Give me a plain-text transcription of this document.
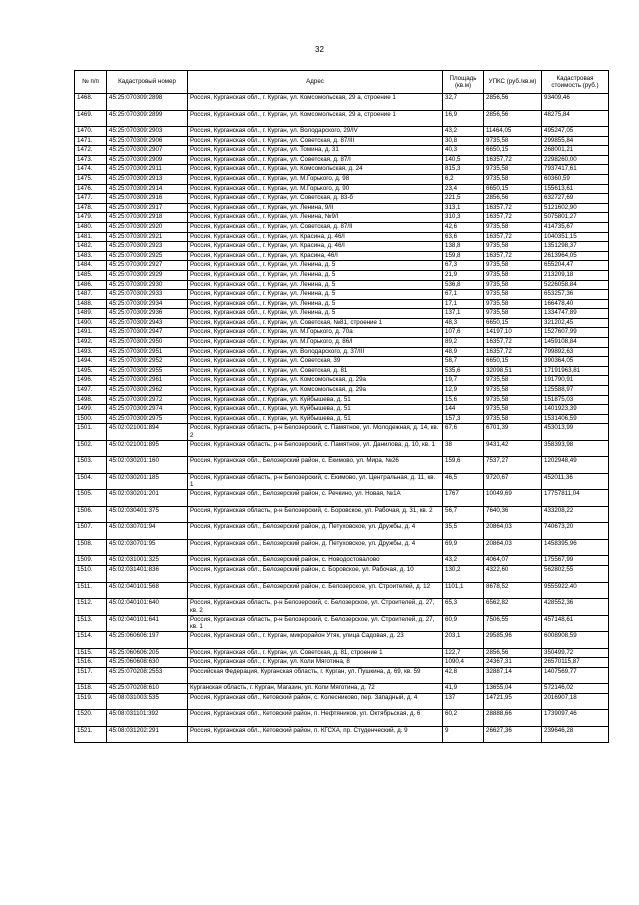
32
№ п/п	Кадастровый номер	Адрес	Площадь (кв.м)	УПКС (руб./кв.м)	Кадастровая стоимость (руб.)
1468.	45:25:070309:2898	Россия, Курганская обл., г. Курган, ул. Комсомольская, 29 а, строение 1	32,7	2856,56	93409,46
1469.	45:25:070309:2899	Россия, Курганская обл., г. Курган, ул. Комсомольская, 29 а, строение 1	16,9	2856,56	48275,84
1470.	45:25:070309:2903	Россия, Курганская обл., г. Курган, ул. Володарского, 29/IV	43,2	11464,05	495247,05
1471.	45:25:070309:2906	Россия, Курганская обл., г. Курган, ул. Советская, д. 87/III	30,8	9735,58	299855,84
1472.	45:25:070309:2907	Россия, Курганская обл., г. Курган, ул. Томина, д. 31	40,3	6650,15	268001,21
1473.	45:25:070309:2909	Россия, Курганская обл., г. Курган, ул. Советская, д. 87/I	140,5	16357,72	2298260,00
1474.	45:25:070309:2911	Россия, Курганская обл., г. Курган, ул. Комсомольская, д. 24	815,3	9735,58	7937417,61
1475.	45:25:070309:2913	Россия, Курганская обл., г. Курган, ул. М.Горького, д. 98	6,2	9735,58	60360,59
1476.	45:25:070309:2914	Россия, Курганская обл., г. Курган, ул. М.Горького, д. 90	23,4	6650,15	155613,61
1477.	45:25:070309:2916	Россия, Курганская обл., г. Курган, ул. Советская, д. 83-б	221,5	2856,56	632727,69
1478.	45:25:070309:2917	Россия, Курганская обл., г. Курган, ул. Ленина, 9/II	313,1	16357,72	5121602,90
1479.	45:25:070309:2918	Россия, Курганская обл., г. Курган, ул. Ленина, №9/I	310,3	16357,72	5075801,27
1480.	45:25:070309:2920	Россия, Курганская обл., г. Курган, ул. Советская, д. 87/II	42,6	9735,58	414735,67
1481.	45:25:070309:2921	Россия, Курганская обл., г. Курган, ул. Красина, д. 46/I	63,6	16357,72	1040351,15
1482.	45:25:070309:2923	Россия, Курганская обл., г. Курган, ул. Красина, д. 46/I	138,8	9735,58	1351298,37
1483.	45:25:070309:2925	Россия, Курганская обл., г. Курган, ул. Красина, 46/I	159,8	16357,72	2613964,05
1484.	45:25:070309:2927	Россия, Курганская обл., г. Курган, ул. Ленина, д. 5	67,3	9735,58	655204,47
1485.	45:25:070309:2929	Россия, Курганская обл., г. Курган, ул. Ленина, д. 5	21,9	9735,58	213209,18
1486.	45:25:070309:2930	Россия, Курганская обл., г. Курган, ул. Ленина, д. 5	536,8	9735,58	5226058,84
1487.	45:25:070309:2933	Россия, Курганская обл., г. Курган, ул. Ленина, д. 5	67,1	9735,58	653257,36
1488.	45:25:070309:2934	Россия, Курганская обл., г. Курган, ул. Ленина, д. 5	17,1	9735,58	166478,40
1489.	45:25:070309:2936	Россия, Курганская обл., г. Курган, ул. Ленина, д. 5	137,1	9735,58	1334747,89
1490.	45:25:070309:2943	Россия, Курганская обл., г. Курган, ул. Советская, №81, строение 1	48,3	6650,15	321202,45
1491.	45:25:070309:2947	Россия, Курганская обл., г. Курган, ул. М.Горького, д. 70а	107,6	14197,10	1527607,99
1492.	45:25:070309:2950	Россия, Курганская обл., г. Курган, ул. М.Горького, д. 86/I	89,2	16357,72	1459108,84
1493.	45:25:070309:2951	Россия, Курганская обл., г. Курган, ул. Володарского, д. 37/III	48,9	16357,72	799892,63
1494.	45:25:070309:2952	Россия, Курганская обл., г. Курган, ул. Советская, 39	58,7	6650,15	390364,05
1495.	45:25:070309:2955	Россия, Курганская обл., г. Курган, ул. Советская, д. 81	535,6	32098,51	17191963,81
1496.	45:25:070309:2961	Россия, Курганская обл., г. Курган, ул. Комсомольская, д. 29а	19,7	9735,58	191790,91
1497.	45:25:070309:2962	Россия, Курганская обл., г. Курган, ул. Комсомольская, д. 29а	12,9	9735,58	125588,97
1498.	45:25:070309:2972	Россия, Курганская обл., г. Курган, ул. Куйбышева, д. 51	15,6	9735,58	151875,03
1499.	45:25:070309:2974	Россия, Курганская обл., г. Курган, ул. Куйбышева, д. 51	144	9735,58	1401923,39
1500.	45:25:070309:2975	Россия, Курганская обл., г. Курган, ул. Куйбышева, д. 51	157,3	9735,58	1531406,59
1501.	45:02:021001:894	Россия, Курганская область, р-н Белозерский, с. Памятное, ул. Молодежная, д. 14, кв. 2	67,6	6701,39	453013,99
1502.	45:02:021001:895	Россия, Курганская область, р-н Белозерский, с. Памятное, ул. Данилова, д. 10, кв. 1	38	9431,42	358393,98
1503.	45:02:030201:160	Россия, Курганская обл., Белозерский район, с. Екимово, ул. Мира, №26	159,6	7537,27	1202948,49
1504.	45:02:030201:185	Россия, Курганская область, р-н Белозерский, с. Екимово, ул. Центральная, д. 11, кв. 1	46,5	9720,67	452011,36
1505.	45:02:030201:201	Россия, Курганская обл., Белозерский район, с. Речкино, ул. Новая, №1А	1767	10049,69	17757811,04
1506.	45:02:030401:375	Россия, Курганская область, р-н Белозерский, с. Боровское, ул. Рабочая, д. 31, кв. 2	56,7	7640,36	433208,22
1507.	45:02:030701:94	Россия, Курганская обл., Белозерский район, д. Петуховское, ул. Дружбы, д. 4	35,5	20864,03	740673,20
1508.	45:02:030701:95	Россия, Курганская обл., Белозерский район, д. Петуховское, ул. Дружбы, д. 4	69,9	20864,03	1458395,96
1509.	45:02:031001:325	Россия, Курганская обл., Белозерский район, с. Новодостовалово	43,2	4064,07	175567,99
1510.	45:02:031401:836	Россия, Курганская обл., Белозерский район, с. Боровское, ул. Рабочая, д. 10	130,2	4322,60	562802,55
1511.	45:02:040101:568	Россия, Курганская обл., Белозерский район, с. Белозерское, ул. Строителей, д. 12	1101,1	8678,52	9555922,40
1512.	45:02:040101:640	Россия, Курганская область, р-н Белозерский, с. Белозерское, ул. Строителей, д. 27, кв. 2	65,3	6562,82	428552,36
1513.	45:02:040101:641	Россия, Курганская область, р-н Белозерский, с. Белозерское, ул. Строителей, д. 27, кв. 1	60,9	7506,55	457148,61
1514.	45:25:060606:197	Россия, Курганская обл., г. Курган, микрорайон Утяк, улица Садовая, д. 23	203,1	29585,96	6008908,59
1515.	45:25:060606:205	Россия, Курганская обл., г. Курган, ул. Советская, д. 81, строение 1	122,7	2856,56	350499,72
1516.	45:25:060608:630	Россия, Курганская обл., г. Курган, ул. Коли Мяготина, 8	1090,4	24367,31	26570115,87
1517.	45:25:070208:2553	Российская Федерация, Курганская область, г. Курган, ул. Пушкина, д. 69, кв. 59	42,8	32887,14	1407569,77
1518.	45:25:070208:610	Курганская область, г. Курган, Магазин, ул. Коли Мяготина, д. 72	41,9	13655,04	572146,02
1519.	45:08:031003:535	Россия, Курганская обл., Кетовский район, с. Колесниково, пер. Западный, д. 4	137	14721,95	2016907,18
1520.	45:08:031101:392	Россия, Курганская обл., Кетовский район, п. Нефтяников, ул. Октябрьская, д. 6	60,2	28888,66	1739097,46
1521.	45:08:031202:291	Россия, Курганская обл., Кетовский район, п. КГСХА, пр. Студенческий, д. 9	9	26627,36	239646,28
